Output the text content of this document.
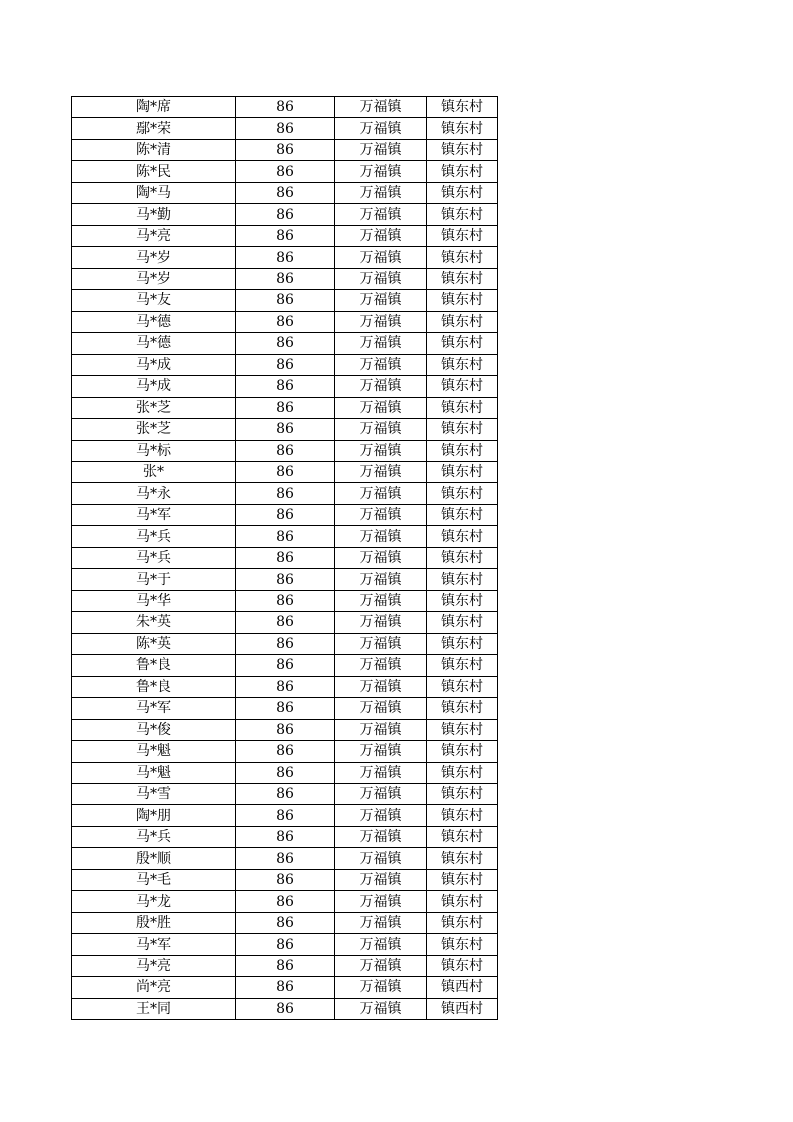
陶*席	86	万福镇	镇东村
鄢*荣	86	万福镇	镇东村
陈*清	86	万福镇	镇东村
陈*民	86	万福镇	镇东村
陶*马	86	万福镇	镇东村
马*勤	86	万福镇	镇东村
马*亮	86	万福镇	镇东村
马*岁	86	万福镇	镇东村
马*岁	86	万福镇	镇东村
马*友	86	万福镇	镇东村
马*德	86	万福镇	镇东村
马*德	86	万福镇	镇东村
马*成	86	万福镇	镇东村
马*成	86	万福镇	镇东村
张*芝	86	万福镇	镇东村
张*芝	86	万福镇	镇东村
马*标	86	万福镇	镇东村
张*	86	万福镇	镇东村
马*永	86	万福镇	镇东村
马*军	86	万福镇	镇东村
马*兵	86	万福镇	镇东村
马*兵	86	万福镇	镇东村
马*于	86	万福镇	镇东村
马*华	86	万福镇	镇东村
朱*英	86	万福镇	镇东村
陈*英	86	万福镇	镇东村
鲁*良	86	万福镇	镇东村
鲁*良	86	万福镇	镇东村
马*军	86	万福镇	镇东村
马*俊	86	万福镇	镇东村
马*魁	86	万福镇	镇东村
马*魁	86	万福镇	镇东村
马*雪	86	万福镇	镇东村
陶*朋	86	万福镇	镇东村
马*兵	86	万福镇	镇东村
殷*顺	86	万福镇	镇东村
马*毛	86	万福镇	镇东村
马*龙	86	万福镇	镇东村
殷*胜	86	万福镇	镇东村
马*军	86	万福镇	镇东村
马*亮	86	万福镇	镇东村
尚*亮	86	万福镇	镇西村
王*同	86	万福镇	镇西村
